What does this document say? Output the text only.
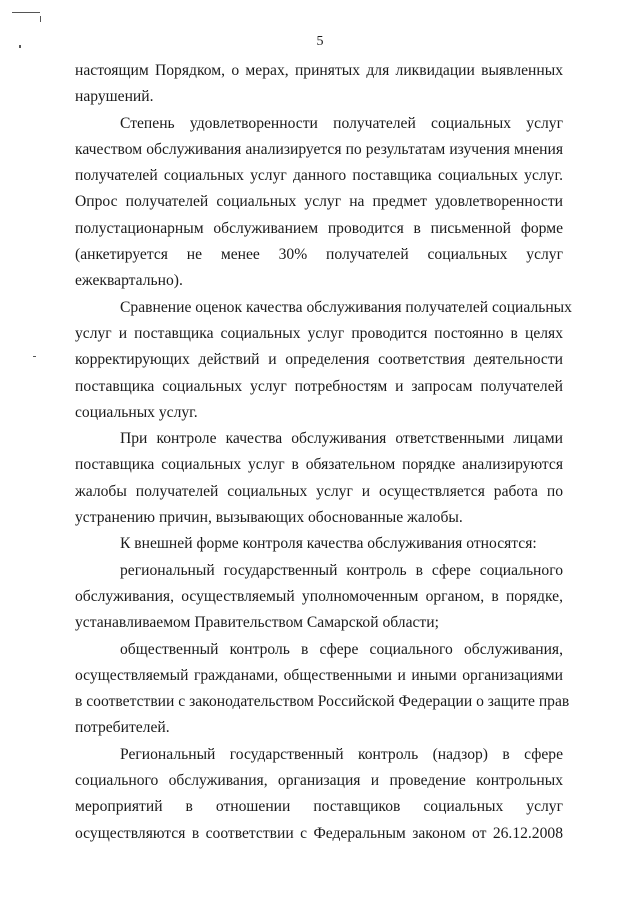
5
настоящим Порядком, о мерах, принятых для ликвидации выявленных
нарушений.
Степень удовлетворенности получателей социальных услуг
качеством обслуживания анализируется по результатам изучения мнения
получателей социальных услуг данного поставщика социальных услуг.
Опрос получателей социальных услуг на предмет удовлетворенности
полустационарным обслуживанием проводится в письменной форме
(анкетируется не менее 30% получателей социальных услуг
ежеквартально).
Сравнение оценок качества обслуживания получателей социальных
услуг и поставщика социальных услуг проводится постоянно в целях
корректирующих действий и определения соответствия деятельности
поставщика социальных услуг потребностям и запросам получателей
социальных услуг.
При контроле качества обслуживания ответственными лицами
поставщика социальных услуг в обязательном порядке анализируются
жалобы получателей социальных услуг и осуществляется работа по
устранению причин, вызывающих обоснованные жалобы.
К внешней форме контроля качества обслуживания относятся:
региональный государственный контроль в сфере социального
обслуживания, осуществляемый уполномоченным органом, в порядке,
устанавливаемом Правительством Самарской области;
общественный контроль в сфере социального обслуживания,
осуществляемый гражданами, общественными и иными организациями
в соответствии с законодательством Российской Федерации о защите прав
потребителей.
Региональный государственный контроль (надзор) в сфере
социального обслуживания, организация и проведение контрольных
мероприятий в отношении поставщиков социальных услуг
осуществляются в соответствии с Федеральным законом от 26.12.2008
